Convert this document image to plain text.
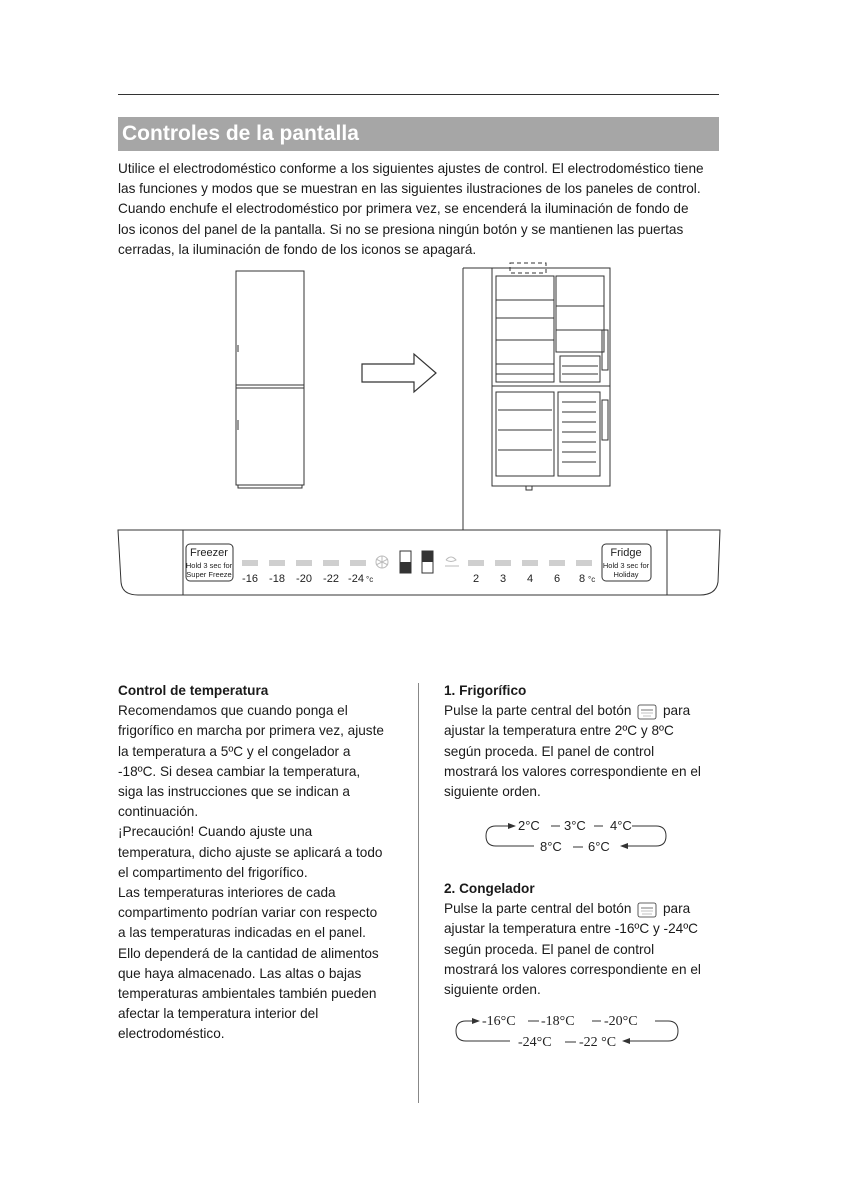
Controles de la pantalla
Utilice el electrodoméstico conforme a los siguientes ajustes de control. El electrodoméstico tiene
las funciones y modos que se muestran en las siguientes ilustraciones de los paneles de control.
Cuando enchufe el electrodoméstico por primera vez, se encenderá la iluminación de fondo de
los iconos del panel de la pantalla. Si no se presiona ningún botón y se mantienen las puertas
cerradas, la iluminación de fondo de los iconos se apagará.
Freezer
Hold 3 sec for
Super Freeze -16 -18 -20 -22 -24 °c	2 3 4 6 8 °c
Fridge
Hold 3 sec for
Holiday
Control de temperatura
Recomendamos que cuando ponga el
frigorífico en marcha por primera vez, ajuste
la temperatura a 5ºC y el congelador a
-18ºC. Si desea cambiar la temperatura,
siga las instrucciones que se indican a
continuación.
¡Precaución! Cuando ajuste una
temperatura, dicho ajuste se aplicará a todo
el compartimento del frigorífico.
Las temperaturas interiores de cada
compartimento podrían variar con respecto
a las temperaturas indicadas en el panel.
Ello dependerá de la cantidad de alimentos
que haya almacenado. Las altas o bajas
temperaturas ambientales también pueden
afectar la temperatura interior del
electrodoméstico.
1. Frigorífico
Pulse la parte central del botón para
ajustar la temperatura entre 2ºC y 8ºC
según proceda. El panel de control
mostrará los valores correspondiente en el
siguiente orden.
2°C 3°C 4°C
8°C 6°C
2. Congelador
Pulse la parte central del botón para
ajustar la temperatura entre -16ºC y -24ºC
según proceda. El panel de control
mostrará los valores correspondiente en el
siguiente orden.
-16°C -18°C -20°C
-24°C -22 °C
